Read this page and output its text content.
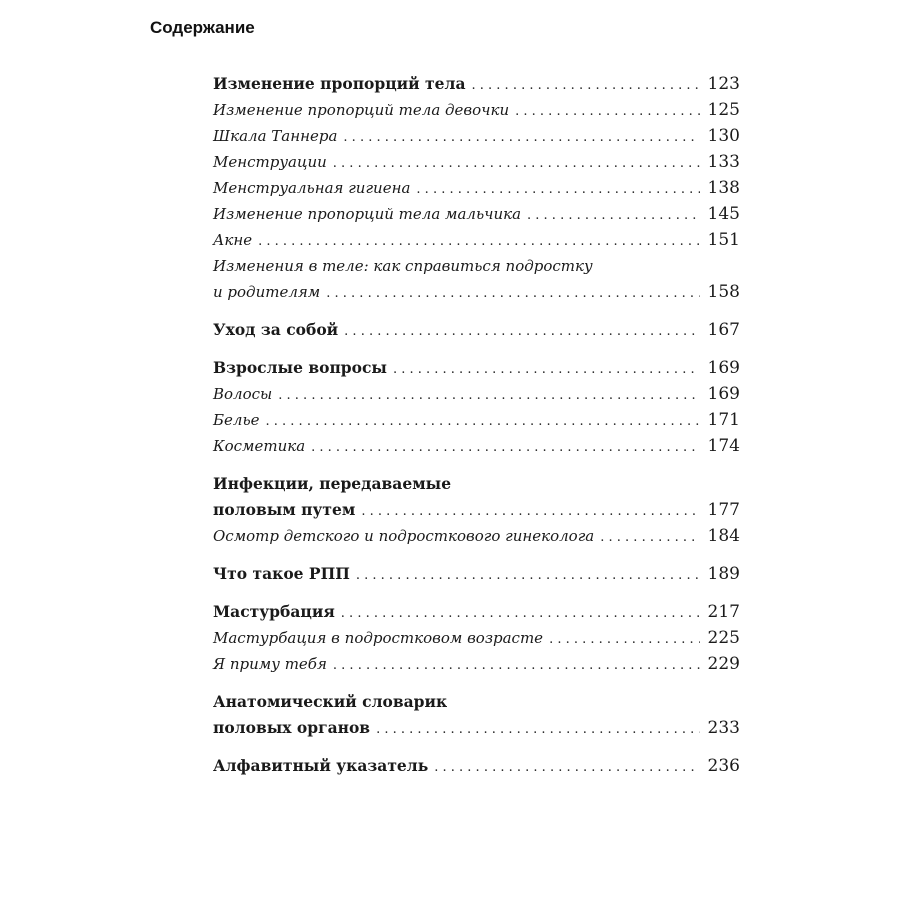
Содержание
Изменение пропорций тела . . .	123
Изменение пропорций тела девочки . . .	125
Шкала Таннера . . .	130
Менструации . . .	133
Менструальная гигиена . . .	138
Изменение пропорций тела мальчика . . .	145
Акне . . .	151
Изменения в теле: как справиться подростку
и родителям . . .	158
Уход за собой . . .	167
Взрослые вопросы . . .	169
Волосы . . .	169
Белье . . .	171
Косметика . . .	174
Инфекции, передаваемые
половым путем . . .	177
Осмотр детского и подросткового гинеколога . . .	184
Что такое РПП . . .	189
Мастурбация . . .	217
Мастурбация в подростковом возрасте . . .	225
Я приму тебя . . .	229
Анатомический словарик
половых органов . . .	233
Алфавитный указатель . . .	236
